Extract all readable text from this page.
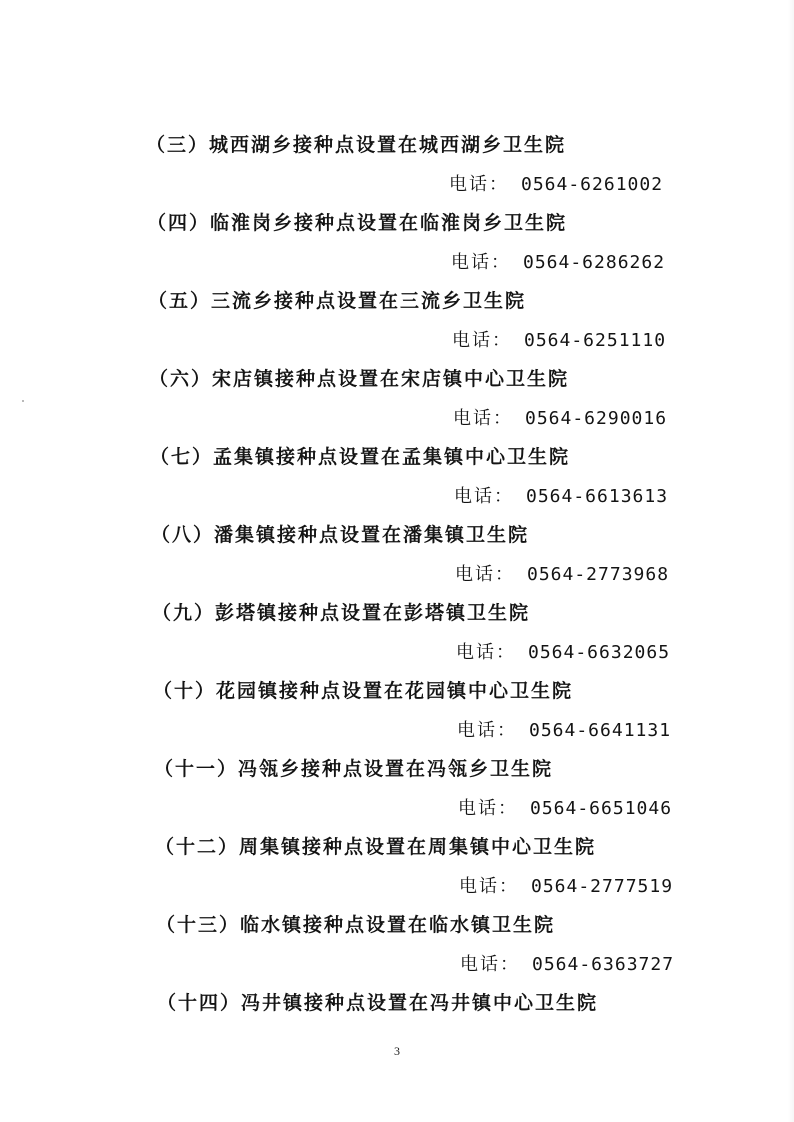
（三）城西湖乡接种点设置在城西湖乡卫生院
电话： 0564-6261002
（四）临淮岗乡接种点设置在临淮岗乡卫生院
电话： 0564-6286262
（五）三流乡接种点设置在三流乡卫生院
电话： 0564-6251110
（六）宋店镇接种点设置在宋店镇中心卫生院
电话： 0564-6290016
（七）孟集镇接种点设置在孟集镇中心卫生院
电话： 0564-6613613
（八）潘集镇接种点设置在潘集镇卫生院
电话： 0564-2773968
（九）彭塔镇接种点设置在彭塔镇卫生院
电话： 0564-6632065
（十）花园镇接种点设置在花园镇中心卫生院
电话： 0564-6641131
（十一）冯瓴乡接种点设置在冯瓴乡卫生院
电话： 0564-6651046
（十二）周集镇接种点设置在周集镇中心卫生院
电话： 0564-2777519
（十三）临水镇接种点设置在临水镇卫生院
电话： 0564-6363727
（十四）冯井镇接种点设置在冯井镇中心卫生院
3
